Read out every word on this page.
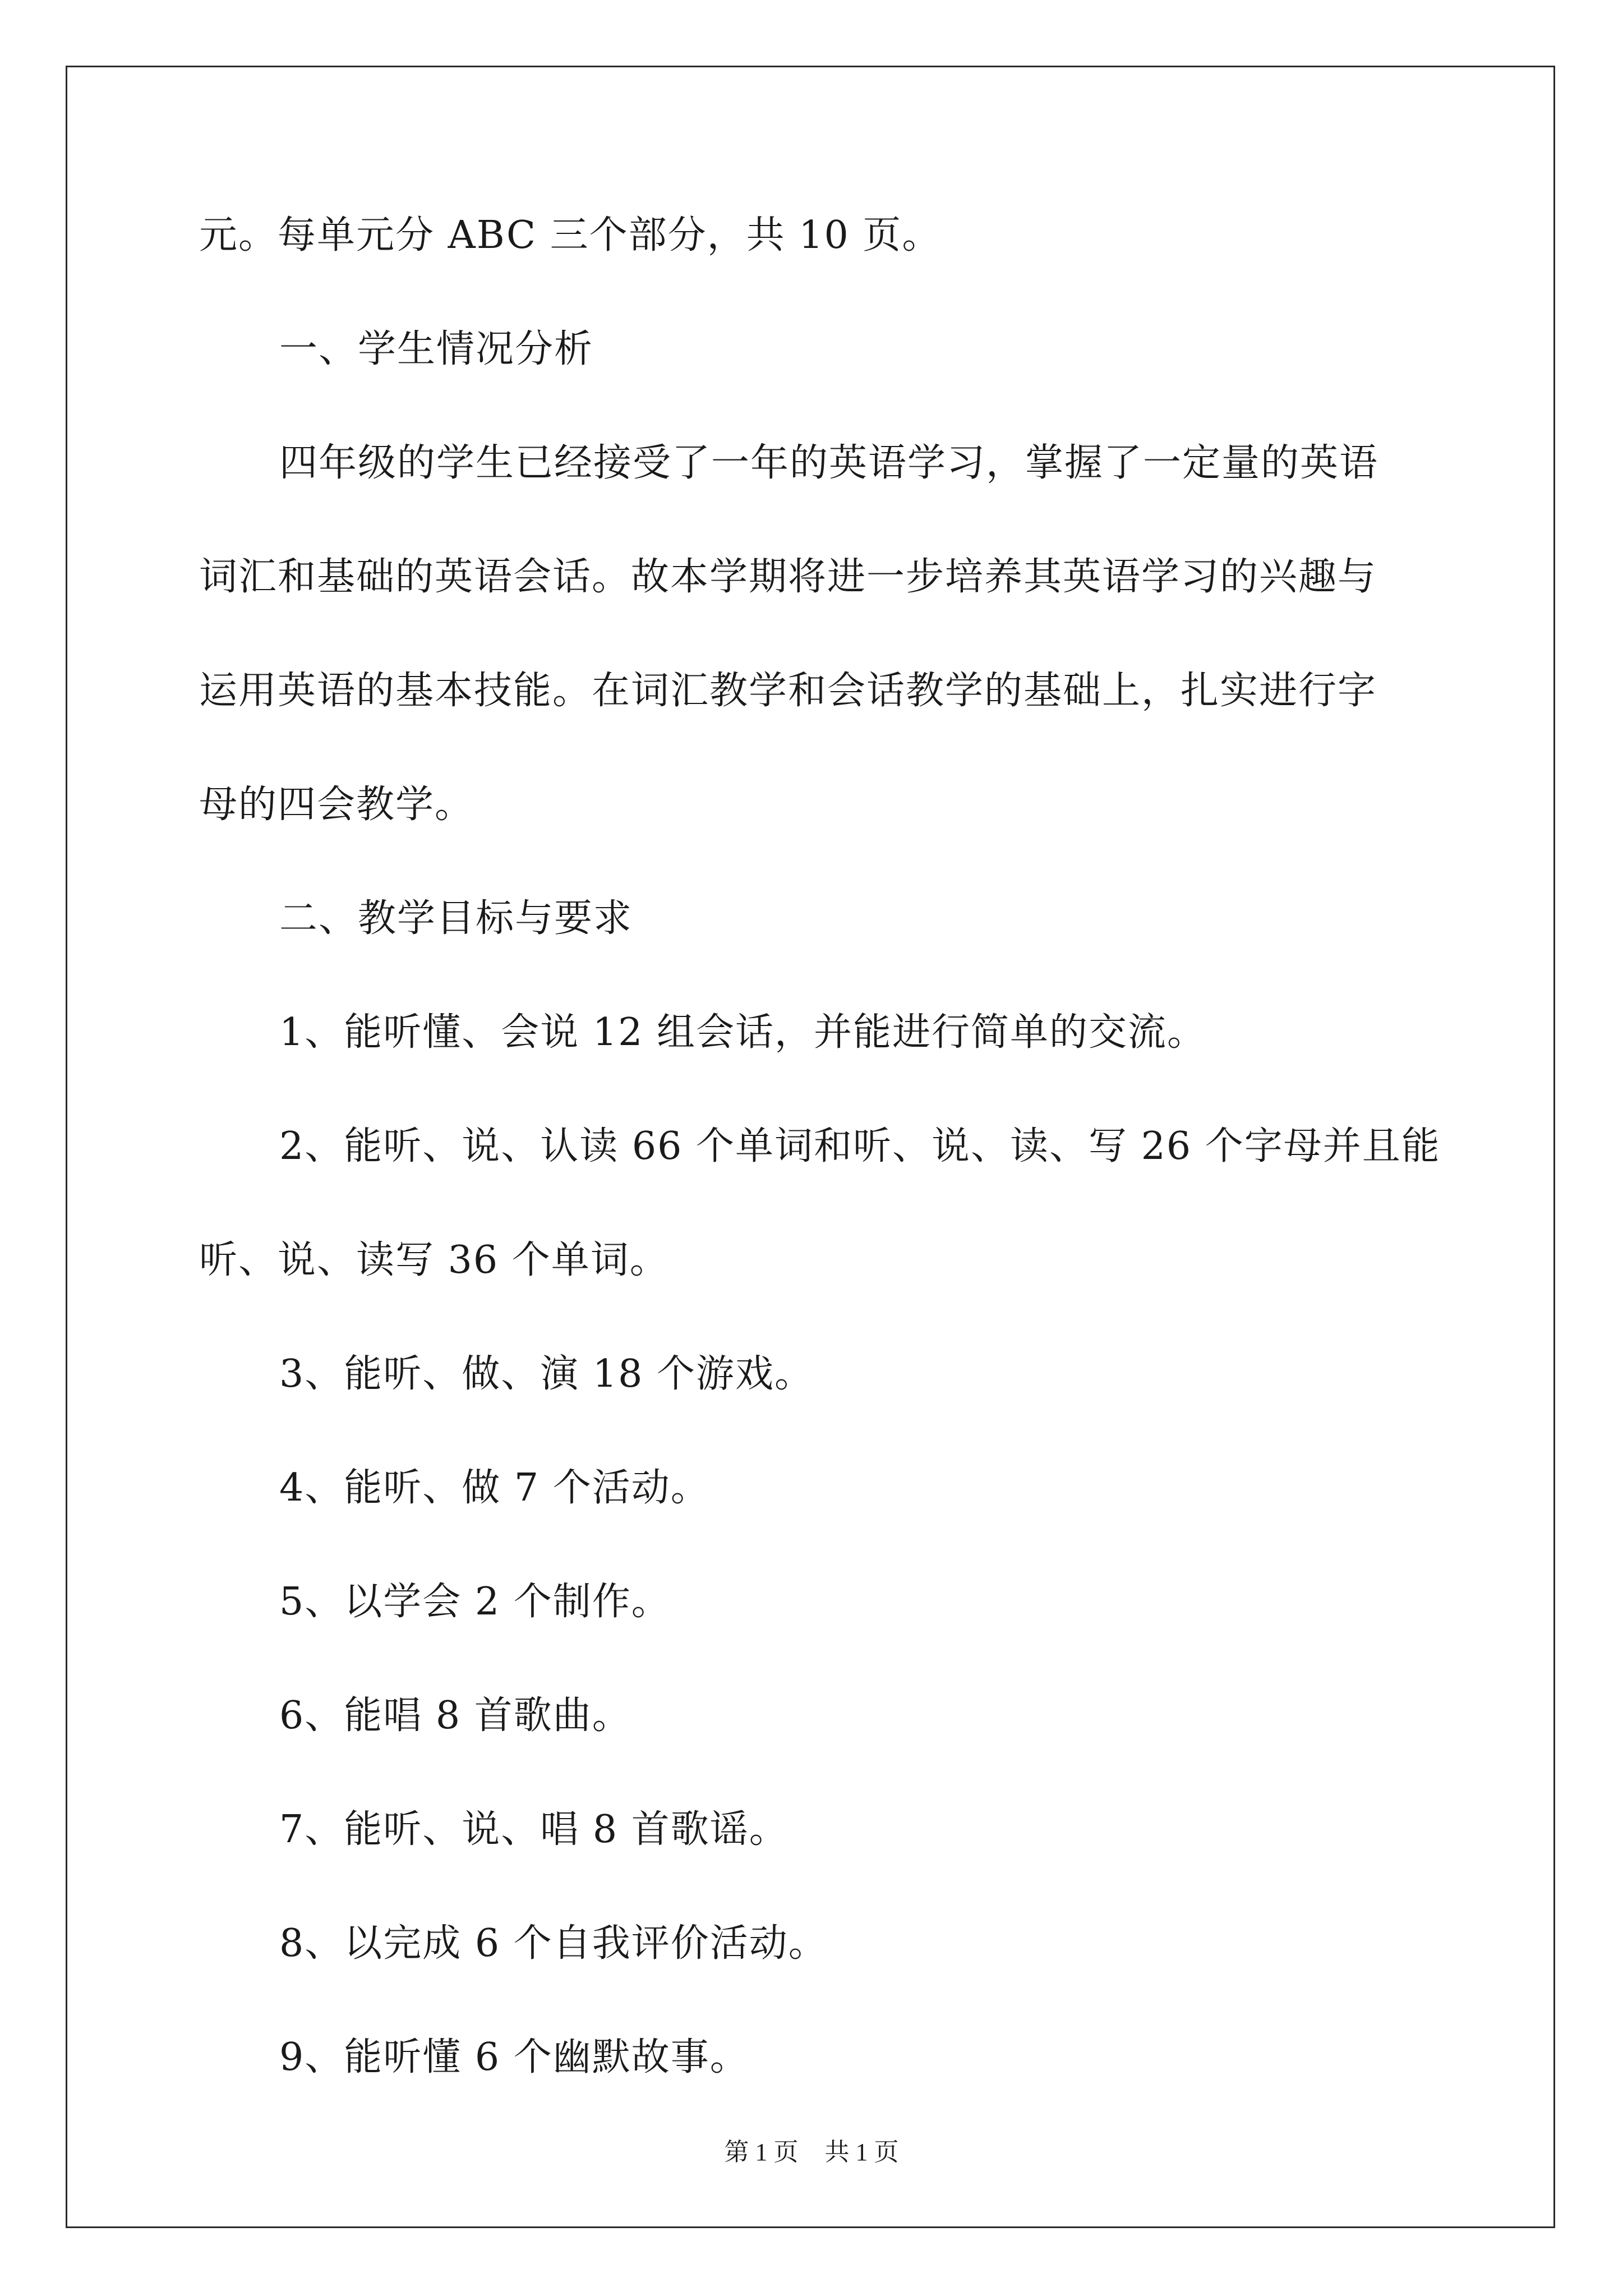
元。每单元分 ABC 三个部分，共 10 页。

一、学生情况分析

四年级的学生已经接受了一年的英语学习，掌握了一定量的英语

词汇和基础的英语会话。故本学期将进一步培养其英语学习的兴趣与

运用英语的基本技能。在词汇教学和会话教学的基础上，扎实进行字

母的四会教学。

二、教学目标与要求

1、能听懂、会说 12 组会话，并能进行简单的交流。

2、能听、说、认读 66 个单词和听、说、读、写 26 个字母并且能

听、说、读写 36 个单词。

3、能听、做、演 18 个游戏。

4、能听、做 7 个活动。

5、以学会 2 个制作。

6、能唱 8 首歌曲。

7、能听、说、唱 8 首歌谣。

8、以完成 6 个自我评价活动。

9、能听懂 6 个幽默故事。

第 1 页 共 1 页
